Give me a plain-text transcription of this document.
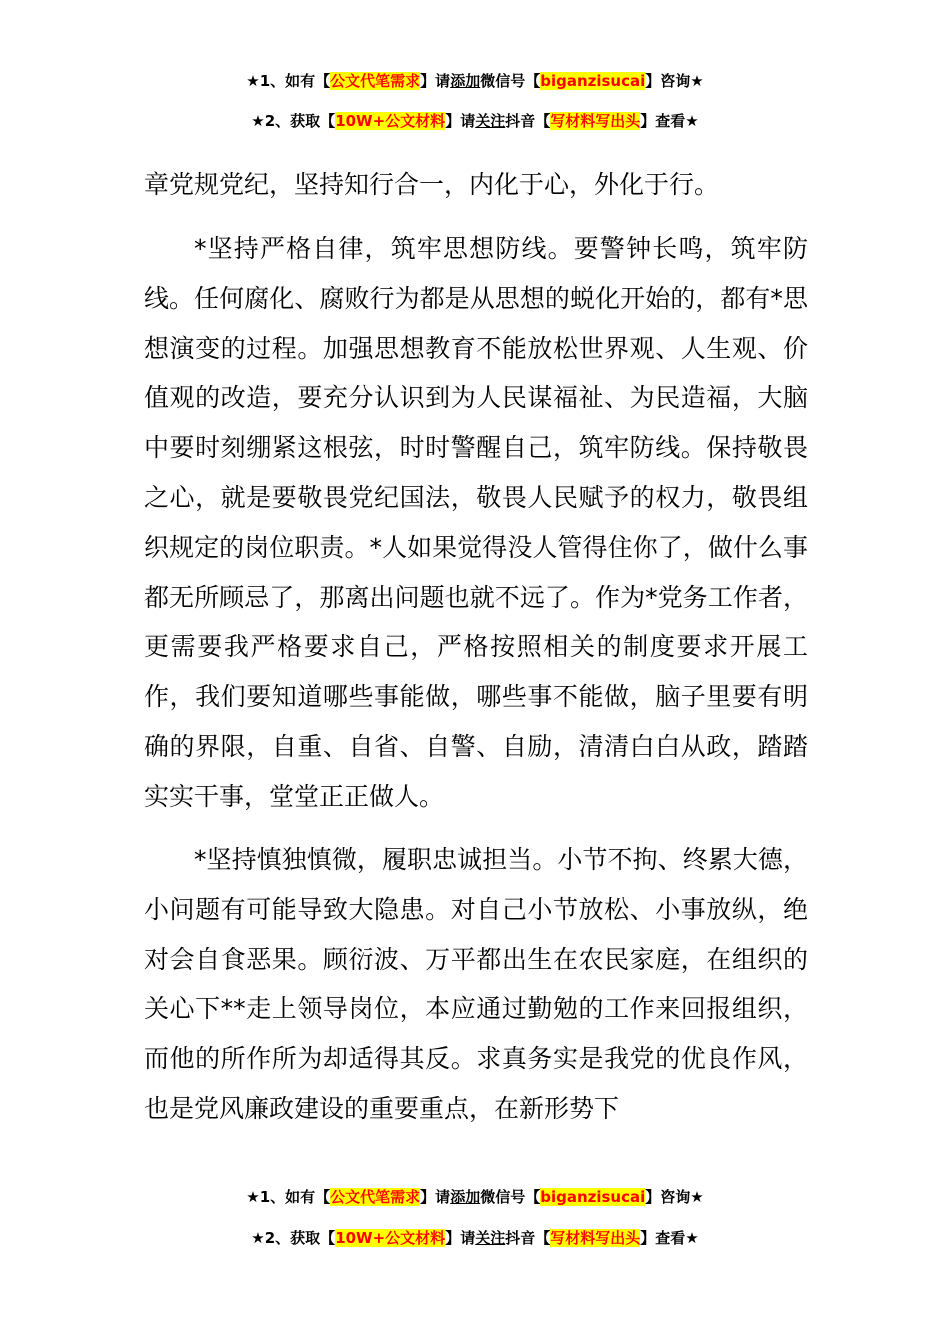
★1、如有【公文代笔需求】请添加微信号【biganzisucai】咨询★
★2、获取【10W+公文材料】请关注抖音【写材料写出头】查看★

章党规党纪，坚持知行合一，内化于心，外化于行。

*坚持严格自律，筑牢思想防线。要警钟长鸣，筑牢防线。任何腐化、腐败行为都是从思想的蜕化开始的，都有*思想演变的过程。加强思想教育不能放松世界观、人生观、价值观的改造，要充分认识到为人民谋福祉、为民造福，大脑中要时刻绷紧这根弦，时时警醒自己，筑牢防线。保持敬畏之心，就是要敬畏党纪国法，敬畏人民赋予的权力，敬畏组织规定的岗位职责。*人如果觉得没人管得住你了，做什么事都无所顾忌了，那离出问题也就不远了。作为*党务工作者，更需要我严格要求自己，严格按照相关的制度要求开展工作，我们要知道哪些事能做，哪些事不能做，脑子里要有明确的界限，自重、自省、自警、自励，清清白白从政，踏踏实实干事，堂堂正正做人。

*坚持慎独慎微，履职忠诚担当。小节不拘、终累大德，小问题有可能导致大隐患。对自己小节放松、小事放纵，绝对会自食恶果。顾衍波、万平都出生在农民家庭，在组织的关心下**走上领导岗位，本应通过勤勉的工作来回报组织，而他的所作所为却适得其反。求真务实是我党的优良作风，也是党风廉政建设的重要重点，在新形势下

★1、如有【公文代笔需求】请添加微信号【biganzisucai】咨询★
★2、获取【10W+公文材料】请关注抖音【写材料写出头】查看★
